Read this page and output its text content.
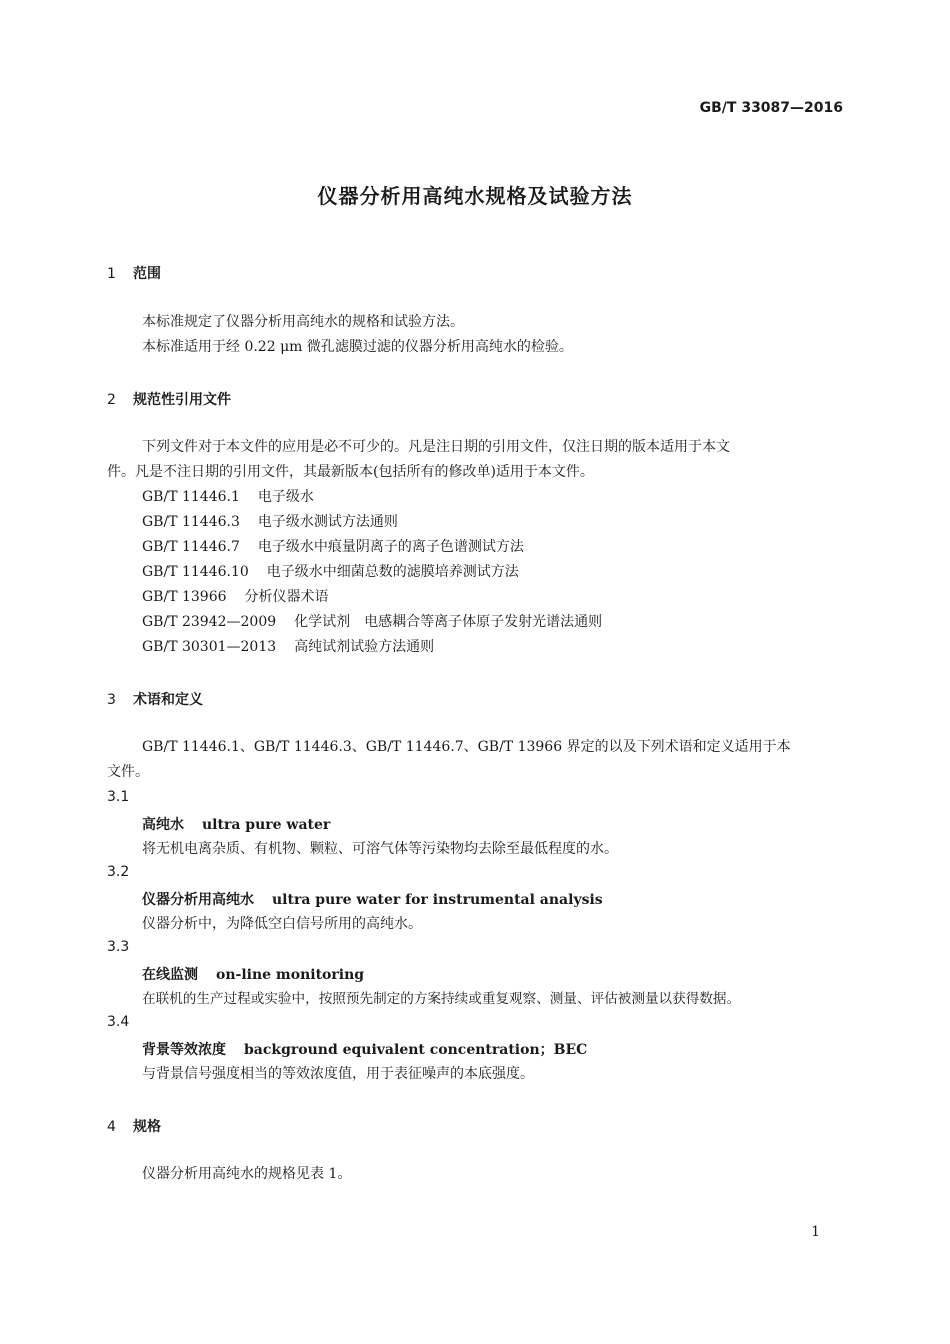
GB/T 33087—2016
仪器分析用高纯水规格及试验方法
1 范围
本标准规定了仪器分析用高纯水的规格和试验方法。
本标准适用于经 0.22 μm 微孔滤膜过滤的仪器分析用高纯水的检验。
2 规范性引用文件
下列文件对于本文件的应用是必不可少的。凡是注日期的引用文件，仅注日期的版本适用于本文
件。凡是不注日期的引用文件，其最新版本(包括所有的修改单)适用于本文件。
GB/T 11446.1 电子级水
GB/T 11446.3 电子级水测试方法通则
GB/T 11446.7 电子级水中痕量阴离子的离子色谱测试方法
GB/T 11446.10 电子级水中细菌总数的滤膜培养测试方法
GB/T 13966 分析仪器术语
GB/T 23942—2009 化学试剂　电感耦合等离子体原子发射光谱法通则
GB/T 30301—2013 高纯试剂试验方法通则
3 术语和定义
GB/T 11446.1、GB/T 11446.3、GB/T 11446.7、GB/T 13966 界定的以及下列术语和定义适用于本
文件。
3.1
高纯水 ultra pure water
将无机电离杂质、有机物、颗粒、可溶气体等污染物均去除至最低程度的水。
3.2
仪器分析用高纯水 ultra pure water for instrumental analysis
仪器分析中，为降低空白信号所用的高纯水。
3.3
在线监测 on-line monitoring
在联机的生产过程或实验中，按照预先制定的方案持续或重复观察、测量、评估被测量以获得数据。
3.4
背景等效浓度 background equivalent concentration；BEC
与背景信号强度相当的等效浓度值，用于表征噪声的本底强度。
4 规格
仪器分析用高纯水的规格见表 1。
1
